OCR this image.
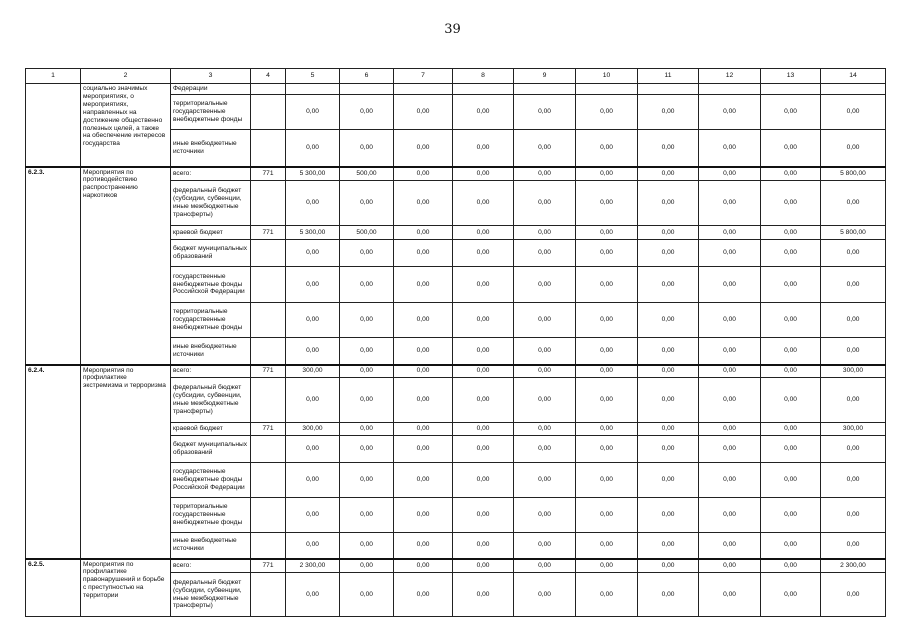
39
1	2	3	4	5	6	7	8	9	10	11	12	13	14
	социально значимых мероприятиях, о мероприятиях, направленных на достижение общественно полезных целей, а также на обеспечение интересов государства	Федерации											
		территориальные государственные внебюджетные фонды		0,00	0,00	0,00	0,00	0,00	0,00	0,00	0,00	0,00	0,00
		иные внебюджетные источники		0,00	0,00	0,00	0,00	0,00	0,00	0,00	0,00	0,00	0,00
6.2.3.	Мероприятия по противодействию распространению наркотиков	всего:	771	5 300,00	500,00	0,00	0,00	0,00	0,00	0,00	0,00	0,00	5 800,00
		федеральный бюджет (субсидии, субвенции, иные межбюджетные трансферты)		0,00	0,00	0,00	0,00	0,00	0,00	0,00	0,00	0,00	0,00
		краевой бюджет	771	5 300,00	500,00	0,00	0,00	0,00	0,00	0,00	0,00	0,00	5 800,00
		бюджет муниципальных образований		0,00	0,00	0,00	0,00	0,00	0,00	0,00	0,00	0,00	0,00
		государственные внебюджетные фонды Российской Федерации		0,00	0,00	0,00	0,00	0,00	0,00	0,00	0,00	0,00	0,00
		территориальные государственные внебюджетные фонды		0,00	0,00	0,00	0,00	0,00	0,00	0,00	0,00	0,00	0,00
		иные внебюджетные источники		0,00	0,00	0,00	0,00	0,00	0,00	0,00	0,00	0,00	0,00
6.2.4.	Мероприятия по профилактике экстремизма и терроризма	всего:	771	300,00	0,00	0,00	0,00	0,00	0,00	0,00	0,00	0,00	300,00
		федеральный бюджет (субсидии, субвенции, иные межбюджетные трансферты)		0,00	0,00	0,00	0,00	0,00	0,00	0,00	0,00	0,00	0,00
		краевой бюджет	771	300,00	0,00	0,00	0,00	0,00	0,00	0,00	0,00	0,00	300,00
		бюджет муниципальных образований		0,00	0,00	0,00	0,00	0,00	0,00	0,00	0,00	0,00	0,00
		государственные внебюджетные фонды Российской Федерации		0,00	0,00	0,00	0,00	0,00	0,00	0,00	0,00	0,00	0,00
		территориальные государственные внебюджетные фонды		0,00	0,00	0,00	0,00	0,00	0,00	0,00	0,00	0,00	0,00
		иные внебюджетные источники		0,00	0,00	0,00	0,00	0,00	0,00	0,00	0,00	0,00	0,00
6.2.5.	Мероприятия по профилактике правонарушений и борьбе с преступностью на территории	всего:	771	2 300,00	0,00	0,00	0,00	0,00	0,00	0,00	0,00	0,00	2 300,00
		федеральный бюджет (субсидии, субвенции, иные межбюджетные трансферты)		0,00	0,00	0,00	0,00	0,00	0,00	0,00	0,00	0,00	0,00
